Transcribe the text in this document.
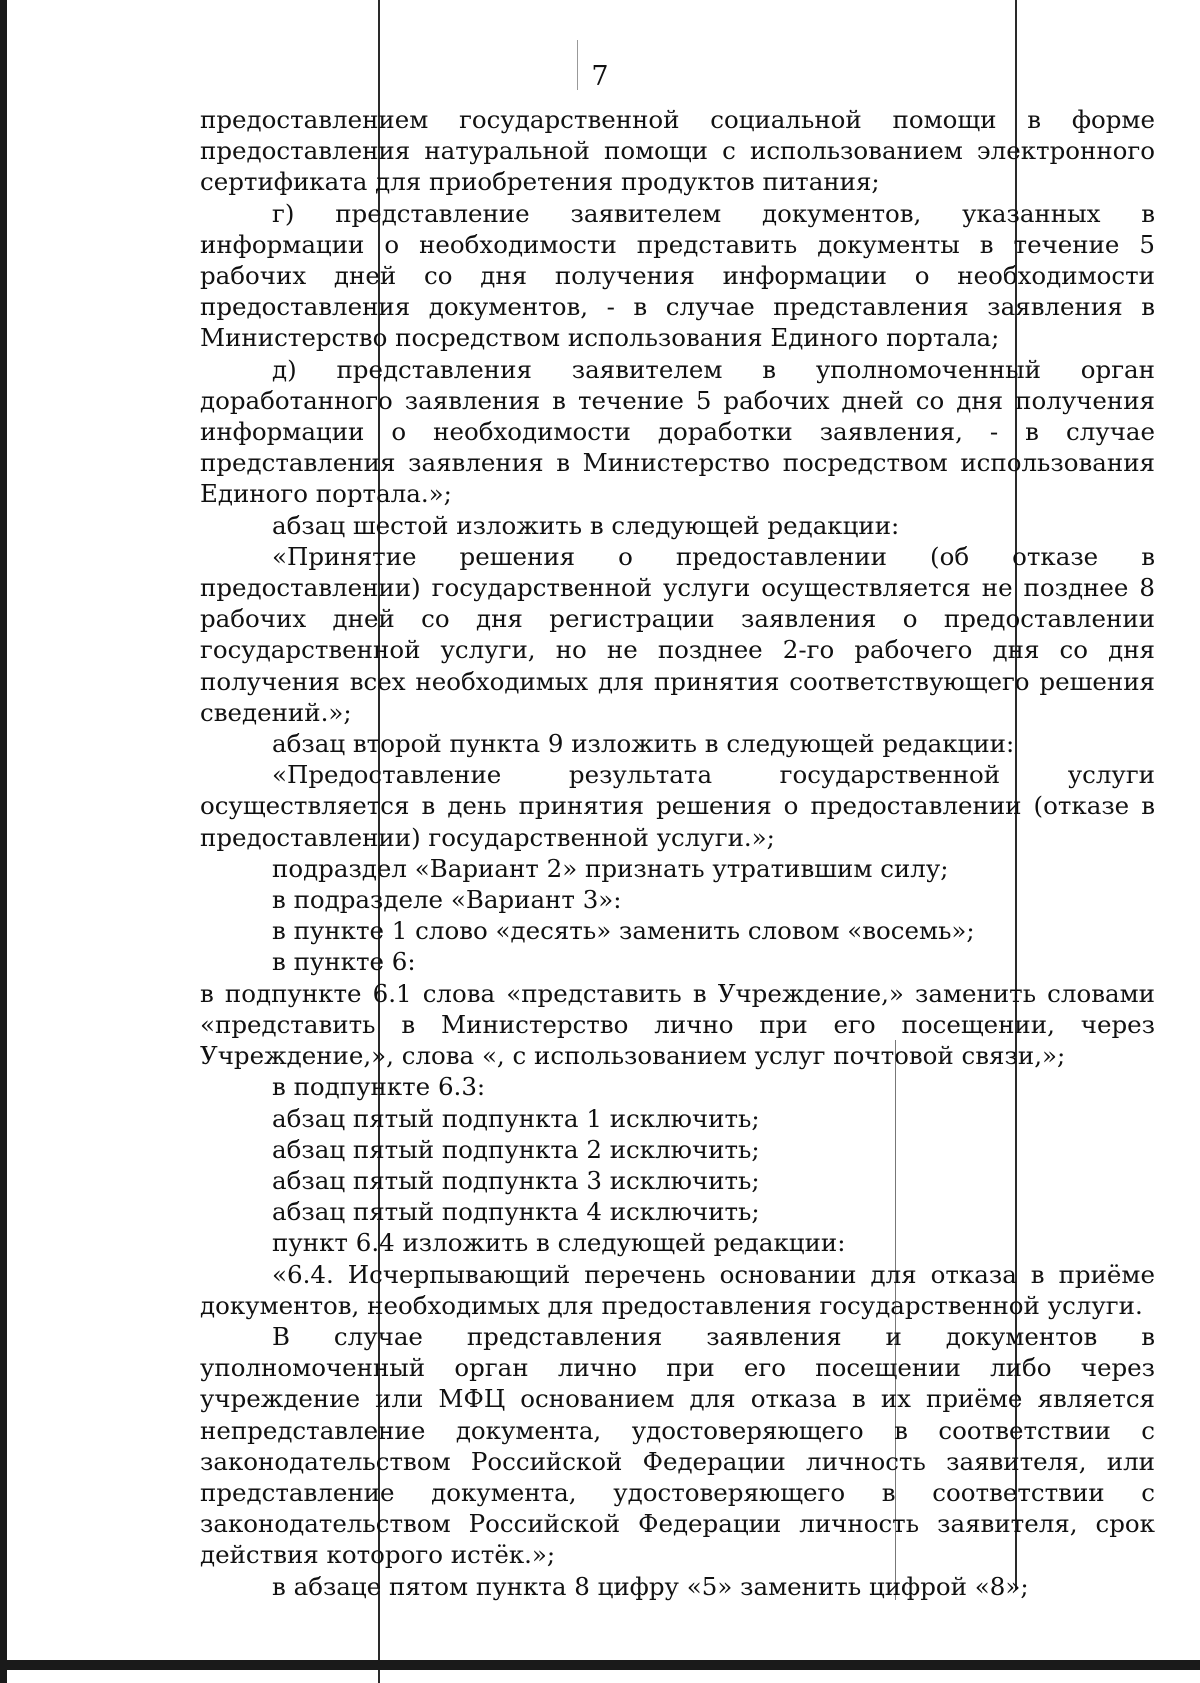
7

предоставлением государственной социальной помощи в форме предоставления натуральной помощи с использованием электронного сертификата для приобретения продуктов питания;

г) представление заявителем документов, указанных в информации о необходимости представить документы в течение 5 рабочих дней со дня получения информации о необходимости предоставления документов, - в случае представления заявления в Министерство посредством использования Единого портала;

д) представления заявителем в уполномоченный орган доработанного заявления в течение 5 рабочих дней со дня получения информации о необходимости доработки заявления, - в случае представления заявления в Министерство посредством использования Единого портала.»;

абзац шестой изложить в следующей редакции:

«Принятие решения о предоставлении (об отказе в предоставлении) государственной услуги осуществляется не позднее 8 рабочих дней со дня регистрации заявления о предоставлении государственной услуги, но не позднее 2-го рабочего дня со дня получения всех необходимых для принятия соответствующего решения сведений.»;

абзац второй пункта 9 изложить в следующей редакции:

«Предоставление результата государственной услуги осуществляется в день принятия решения о предоставлении (отказе в предоставлении) государственной услуги.»;

подраздел «Вариант 2» признать утратившим силу;

в подразделе «Вариант 3»:

в пункте 1 слово «десять» заменить словом «восемь»;

в пункте 6:

в подпункте 6.1 слова «представить в Учреждение,» заменить словами «представить в Министерство лично при его посещении, через Учреждение,», слова «, с использованием услуг почтовой связи,»;

в подпункте 6.3:

абзац пятый подпункта 1 исключить;

абзац пятый подпункта 2 исключить;

абзац пятый подпункта 3 исключить;

абзац пятый подпункта 4 исключить;

пункт 6.4 изложить в следующей редакции:

«6.4. Исчерпывающий перечень основании для отказа в приёме документов, необходимых для предоставления государственной услуги.

В случае представления заявления и документов в уполномоченный орган лично при его посещении либо через учреждение или МФЦ основанием для отказа в их приёме является непредставление документа, удостоверяющего в соответствии с законодательством Российской Федерации личность заявителя, или представление документа, удостоверяющего в соответствии с законодательством Российской Федерации личность заявителя, срок действия которого истёк.»;

в абзаце пятом пункта 8 цифру «5» заменить цифрой «8»;
